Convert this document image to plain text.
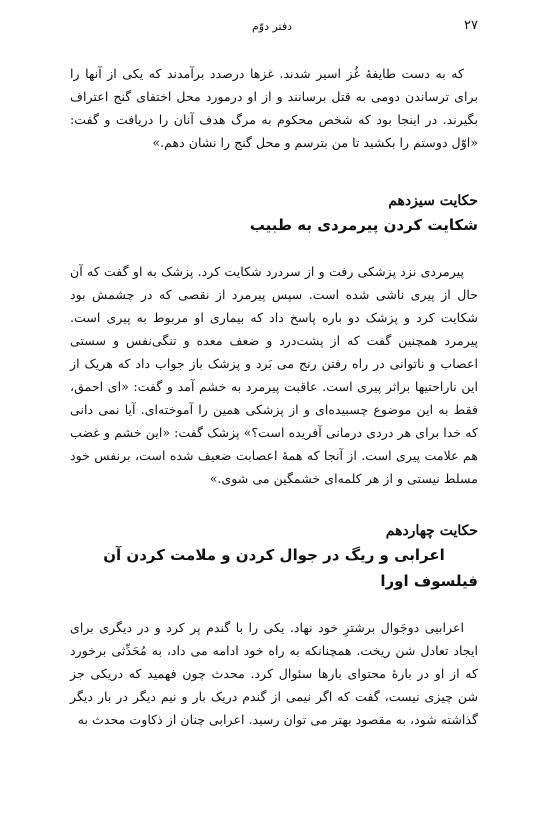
دفتر دوّم	۲۷

که به دست طایفهٔ غُز اسیر شدند. غزها درصدد برآمدند که یکی از آنها را برای ترساندن دومی به قتل برسانند و از او درمورد محل اختفای گنج اعتراف بگیرند. در اینجا بود که شخص محکوم به مرگ هدف آنان را دریافت و گفت: «اوّل دوستم را بکشید تا من بترسم و محل گنج را نشان دهم.»

حکایت سیزدهم

شکایت کردن پیرمردی به طبیب

پیرمردی نزد پزشکی رفت و از سردرد شکایت کرد. پزشک به او گفت که آن حال از پیری ناشی شده است. سپس پیرمرد از نقصی که در چشمش بود شکایت کرد و پزشک دو باره پاسخ داد که بیماری او مربوط به پیری است. پیرمرد همچنین گفت که از پشت‌درد و ضعف معده و تنگی‌نفس و سستی اعصاب و ناتوانی در راه رفتن رنج می بَرد و پزشک باز جواب داد که هریک از این ناراحتیها براثر پیری است. عاقبت پیرمرد به خشم آمد و گفت: «ای احمق، فقط به این موضوع چسبیده‌ای و از پزشکی همین را آموخته‌ای. آیا نمی دانی که خدا برای هر دردی درمانی آفریده است؟» پزشک گفت: «این خشم و غضب هم علامت پیری است. از آنجا که همهٔ اعصابت ضعیف شده است، برنفس خود مسلط نیستی و از هر کلمه‌ای خشمگین می شوی.»

حکایت چهاردهم

اعرابی و ریگ در جوال کردن و ملامت کردن آن فیلسوف اورا

اعرابیی دوجَوال برشترِ خود نهاد. یکی را با گندم پر کرد و در دیگری برای ایجاد تعادل شن ریخت. همچنانکه به راه خود ادامه می داد، به مُحَدِّثی برخورد که از او در بارهٔ محتوای بارها سئوال کرد. محدث چون فهمید که دریکی جز شن چیزی نیست، گفت که اگر نیمی از گندم دریک بار و نیم دیگر در بار دیگر گذاشته شود، به مقصود بهتر می توان رسید. اعرابی چنان از ذکاوت محدث به
